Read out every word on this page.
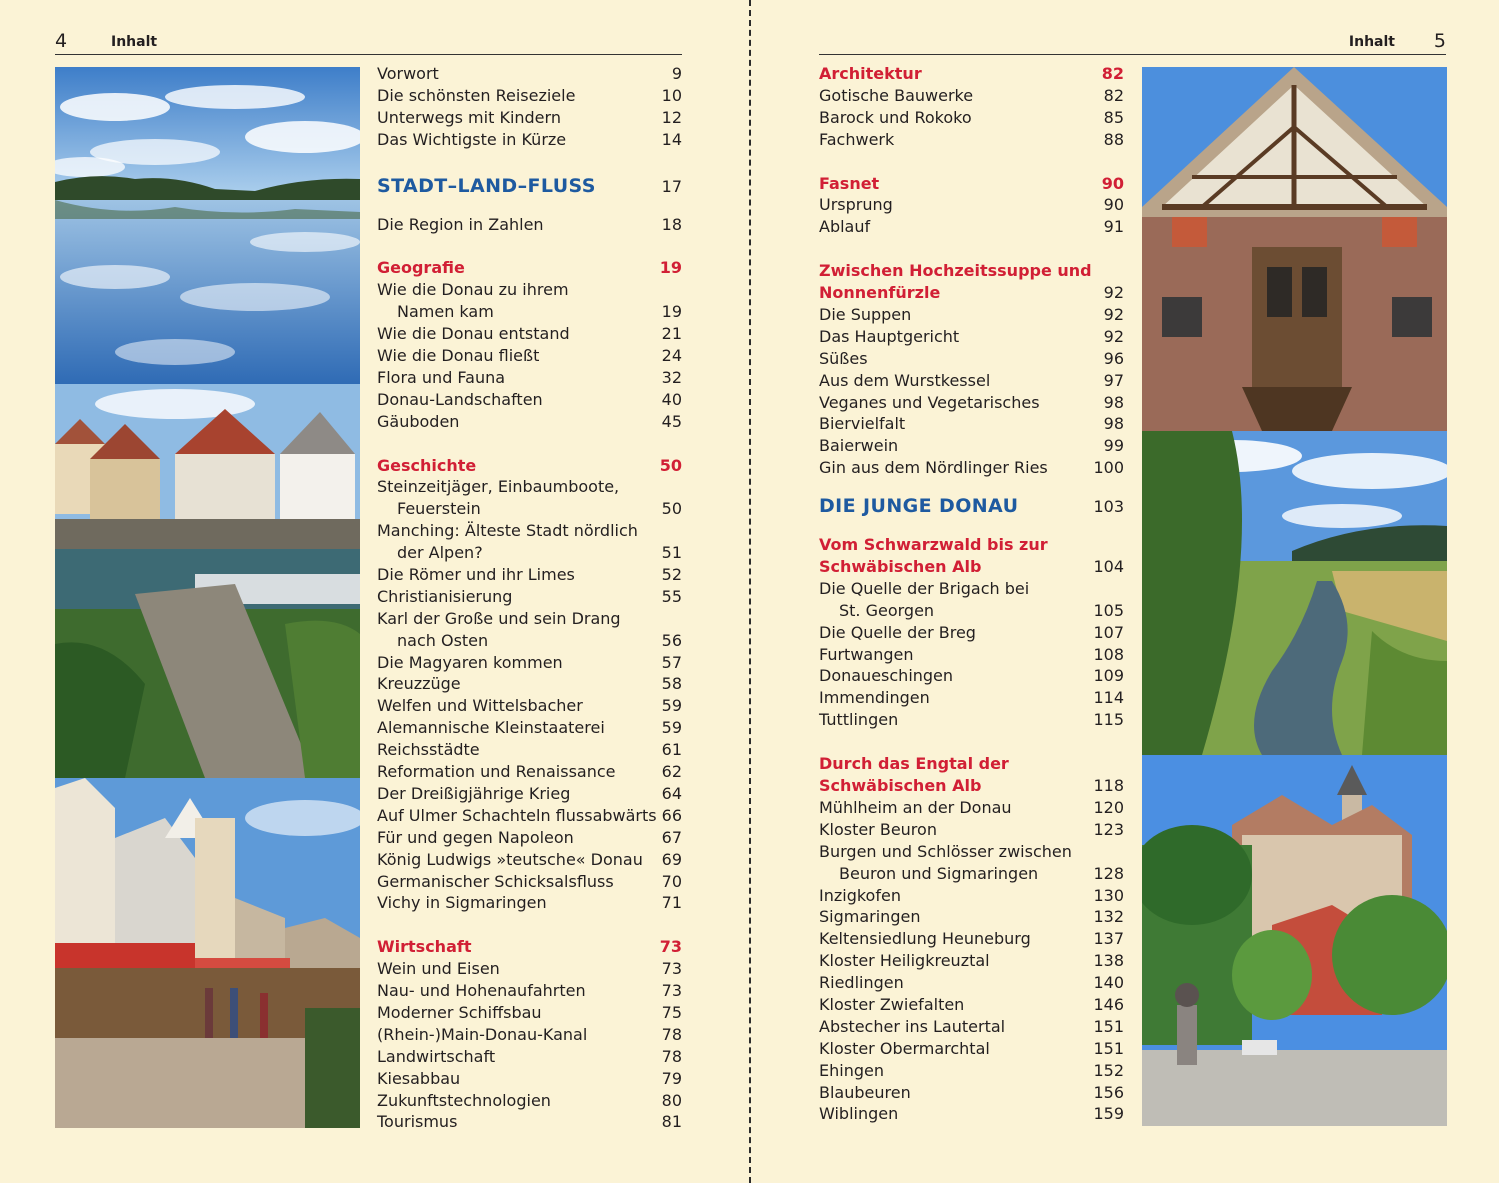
4	Inhalt
Vorwort	9
Die schönsten Reiseziele	10
Unterwegs mit Kindern	12
Das Wichtigste in Kürze	14
STADT–LAND–FLUSS	17
Die Region in Zahlen	18
Geografie	19
Wie die Donau zu ihrem
Namen kam	19
Wie die Donau entstand	21
Wie die Donau fließt	24
Flora und Fauna	32
Donau-Landschaften	40
Gäuboden	45
Geschichte	50
Steinzeitjäger, Einbaumboote,
Feuerstein	50
Manching: Älteste Stadt nördlich
der Alpen?	51
Die Römer und ihr Limes	52
Christianisierung	55
Karl der Große und sein Drang
nach Osten	56
Die Magyaren kommen	57
Kreuzzüge	58
Welfen und Wittelsbacher	59
Alemannische Kleinstaaterei	59
Reichsstädte	61
Reformation und Renaissance	62
Der Dreißigjährige Krieg	64
Auf Ulmer Schachteln flussabwärts 66
Für und gegen Napoleon	67
König Ludwigs »teutsche« Donau 69
Germanischer Schicksalsfluss	70
Vichy in Sigmaringen	71
Wirtschaft	73
Wein und Eisen	73
Nau- und Hohenaufahrten	73
Moderner Schiffsbau	75
(Rhein-)Main-Donau-Kanal	78
Landwirtschaft	78
Kiesabbau	79
Zukunftstechnologien	80
Tourismus	81
Inhalt 5
Architektur	82
Gotische Bauwerke	82
Barock und Rokoko	85
Fachwerk	88
Fasnet	90
Ursprung	90
Ablauf	91
Zwischen Hochzeitssuppe und
Nonnenfürzle	92
Die Suppen	92
Das Hauptgericht	92
Süßes	96
Aus dem Wurstkessel	97
Veganes und Vegetarisches	98
Biervielfalt	98
Baierwein	99
Gin aus dem Nördlinger Ries	100
DIE JUNGE DONAU	103
Vom Schwarzwald bis zur
Schwäbischen Alb	104
Die Quelle der Brigach bei
St. Georgen	105
Die Quelle der Breg	107
Furtwangen	108
Donaueschingen	109
Immendingen	114
Tuttlingen	115
Durch das Engtal der
Schwäbischen Alb	118
Mühlheim an der Donau	120
Kloster Beuron	123
Burgen und Schlösser zwischen
Beuron und Sigmaringen	128
Inzigkofen	130
Sigmaringen	132
Keltensiedlung Heuneburg	137
Kloster Heiligkreuztal	138
Riedlingen	140
Kloster Zwiefalten	146
Abstecher ins Lautertal	151
Kloster Obermarchtal	151
Ehingen	152
Blaubeuren	156
Wiblingen	159
